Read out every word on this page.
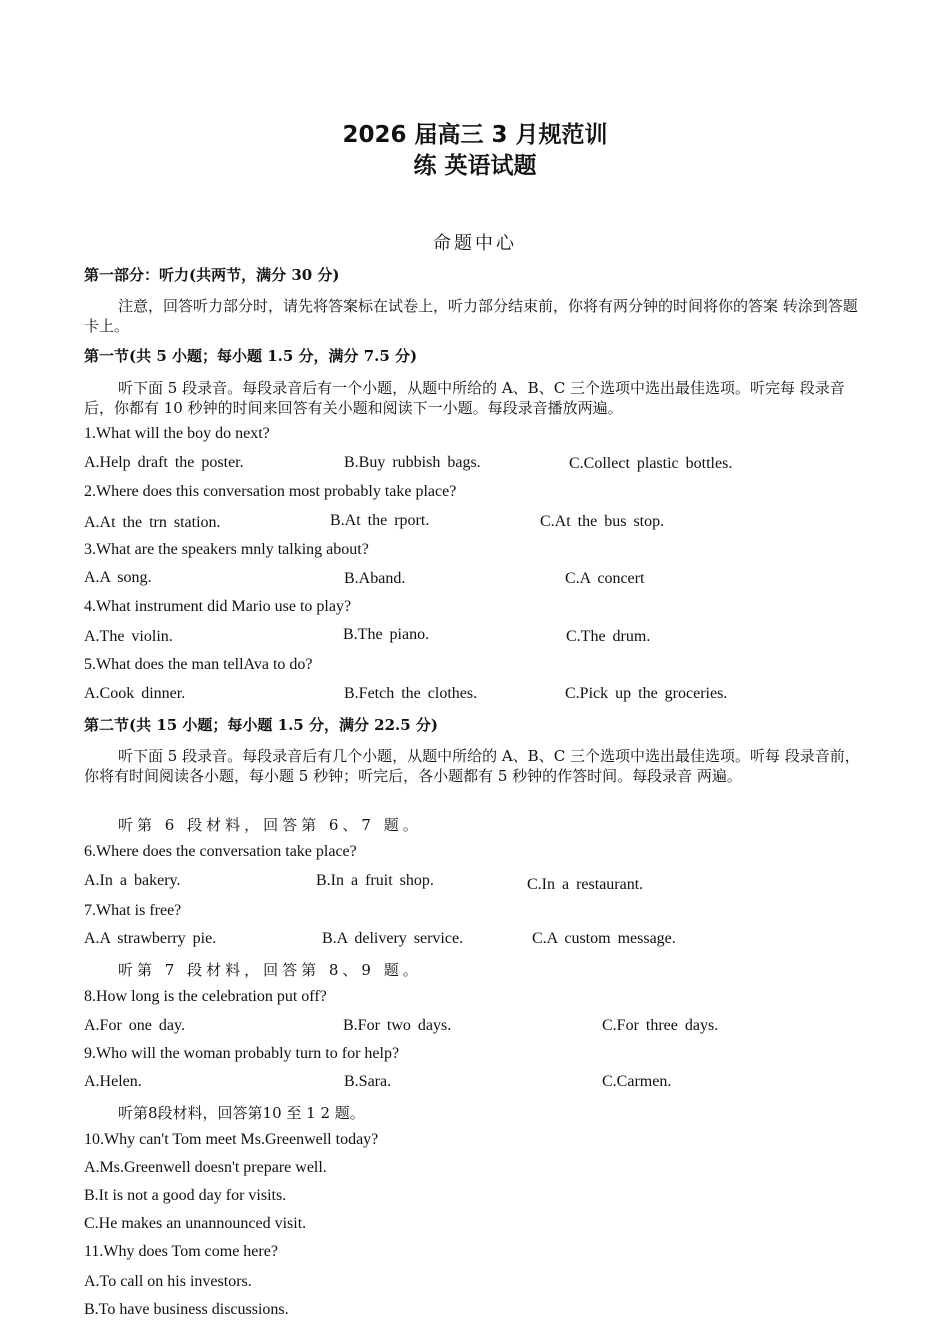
2026 届高三 3 月规范训
练 英语试题
命题中心
第一部分：听力(共两节，满分 30 分)
注意，回答听力部分时，请先将答案标在试卷上，听力部分结束前，你将有两分钟的时间将你的答案 转涂到答题卡上。
第一节(共 5 小题；每小题 1.5 分，满分 7.5 分)
听下面 5 段录音。每段录音后有一个小题，从题中所给的 A、B、C 三个选项中选出最佳选项。听完每 段录音后，你都有 10 秒钟的时间来回答有关小题和阅读下一小题。每段录音播放两遍。
1.What will the boy do next?
A.Help draft the poster.	B.Buy rubbish bags.	C.Collect plastic bottles.
2.Where does this conversation most probably take place?
A.At the trn station.	B.At the rport.	C.At the bus stop.
3.What are the speakers mnly talking about?
A.A song.	B.Aband.	C.A concert
4.What instrument did Mario use to play?
A.The violin.	B.The piano.	C.The drum.
5.What does the man tellAva to do?
A.Cook dinner.	B.Fetch the clothes.	C.Pick up the groceries.
第二节(共 15 小题；每小题 1.5 分，满分 22.5 分)
听下面 5 段录音。每段录音后有几个小题，从题中所给的 A、B、C 三个选项中选出最佳选项。听每 段录音前，你将有时间阅读各小题，每小题 5 秒钟；听完后，各小题都有 5 秒钟的作答时间。每段录音 两遍。
听第 6 段材料，回答第 6、7 题。
6.Where does the conversation take place?
A.In a bakery.	B.In a fruit shop.	C.In a restaurant.
7.What is free?
A.A strawberry pie.	B.A delivery service.	C.A custom message.
听第 7 段材料，回答第 8、9 题。
8.How long is the celebration put off?
A.For one day.	B.For two days.	C.For three days.
9.Who will the woman probably turn to for help?
A.Helen.	B.Sara.	C.Carmen.
听第8段材料，回答第10 至 1 2 题。
10.Why can't Tom meet Ms.Greenwell today?
A.Ms.Greenwell doesn't prepare well.
B.It is not a good day for visits.
C.He makes an unannounced visit.
11.Why does Tom come here?
A.To call on his investors.
B.To have business discussions.
